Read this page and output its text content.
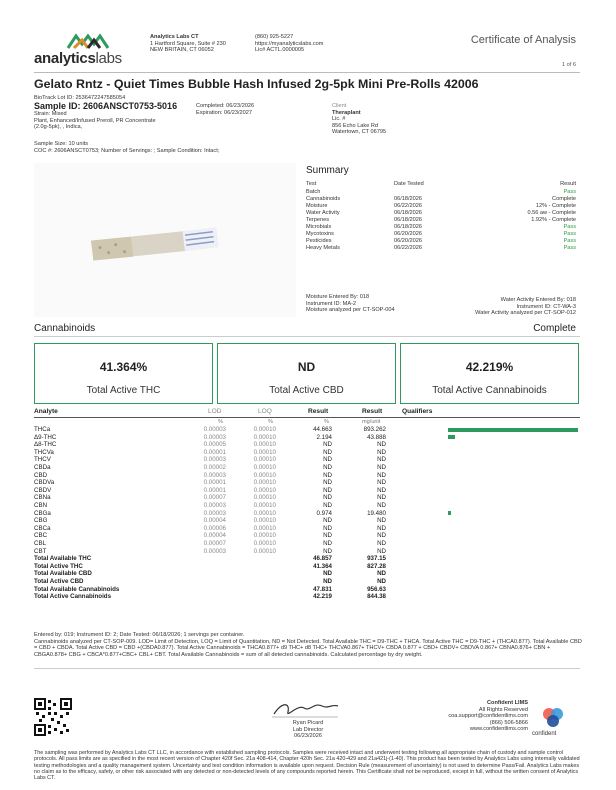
analyticslabs
Analytics Labs CT
1 Hartford Square, Suite # 230
NEW BRITAIN, CT 06052
(860) 925-5227
https://myanalyticslabs.com
Lic# ACTL.0000005
Certificate of Analysis
1 of 6
Gelato Rntz - Quiet Times Bubble Hash Infused 2g-5pk Mini Pre-Rolls 42006
BioTrack Lot ID: 2536472247585054
Sample ID: 2606ANSCT0753-5016	Completed: 06/23/2026
Expiration: 06/23/2027
Strain: Mixed
Plant, Enhanced/Infused Preroll, PR Concentrate
(2.0g-5pk), , Indica,
Client
Theraplant
Lic. #
856 Echo Lake Rd
Watertown, CT 06795
Sample Size: 10 units
COC #: 2606ANSCT0753; Number of Servings: ; Sample Condition: Intact;
Summary
Test	Date Tested	Result
Batch	Pass
Cannabinoids	06/18/2026	Complete
Moisture	06/22/2026	12% - Complete
Water Activity	06/18/2026	0.56 aw - Complete
Terpenes	06/18/2026	1.92% - Complete
Microbials	06/18/2026	Pass
Mycotoxins	06/20/2026	Pass
Pesticides	06/20/2026	Pass
Heavy Metals	06/22/2026	Pass
Moisture Entered By: 018
Instrument ID: MA-2
Moisture analyzed per CT-SOP-004
Water Activity Entered By: 018
Instrument ID: CT-WA-3
Water Activity analyzed per CT-SOP-012
Cannabinoids	Complete
41.364%
Total Active THC
ND
Total Active CBD
42.219%
Total Active Cannabinoids
Analyte	LOD	LOQ	Result	Result	Qualifiers
%	%	%	mg/unit
THCa	0.00003	0.00010	44.663	893.262
Δ9-THC	0.00003	0.00010	2.194	43.888
Δ8-THC	0.00005	0.00010	ND	ND
THCVa	0.00001	0.00010	ND	ND
THCV	0.00003	0.00010	ND	ND
CBDa	0.00002	0.00010	ND	ND
CBD	0.00003	0.00010	ND	ND
CBDVa	0.00001	0.00010	ND	ND
CBDV	0.00001	0.00010	ND	ND
CBNa	0.00007	0.00010	ND	ND
CBN	0.00003	0.00010	ND	ND
CBGa	0.00003	0.00010	0.974	19.480
CBG	0.00004	0.00010	ND	ND
CBCa	0.00006	0.00010	ND	ND
CBC	0.00004	0.00010	ND	ND
CBL	0.00007	0.00010	ND	ND
CBT	0.00003	0.00010	ND	ND
Total Available THC	46.857	937.15
Total Active THC	41.364	827.28
Total Available CBD	ND	ND
Total Active CBD	ND	ND
Total Available Cannabinoids	47.831	956.63
Total Active Cannabinoids	42.219	844.38
Entered by: 019; Instrument ID: 2; Date Tested: 06/18/2026; 1 servings per container.
Cannabinoids analyzed per CT-SOP-009. LOD= Limit of Detection, LOQ = Limit of Quantitation, ND = Not Detected. Total Available THC = D9-THC + THCA. Total Active THC = D9-THC + (THCA0.877). Total Available CBD = CBD + CBDA. Total Active CBD = CBD +(CBDA0.877). Total Active Cannabinoids = THCA0.877+ d9 THC+ d8 THC+ THCVA0.867+ THCV+ CBDA 0.877 + CBD+ CBDV+ CBDVA 0.867+ CBNA0.876+ CBN + CBGA0.878+ CBG + CBCA*0.877+CBC+ CBL+ CBT. Total Available Cannabinoids = sum of all detected cannabinoids. Calculated percentage by dry weight.
Ryan Picard
Lab Director
06/23/2026
Confident LIMS
All Rights Reserved
coa.support@confidentlims.com
(866) 506-5866
www.confidentlims.com
confident
The sampling was performed by Analytics Labs CT LLC, in accordance with established sampling protocols. Samples were received intact and underwent testing following all appropriate chain of custody and sample control protocols. All pass limits are as specified in the most recent version of Chapter 420f Sec. 21a 408-414, Chapter 420h Sec. 21a 420-429 and 21a421j-(1-40). This product has been tested by Analytics Labs using internally validated testing methodologies and a quality management system. Uncertainty and test condition information is available upon request. Decision Rule (measurement of uncertainty) is not used to determine Pass/Fail. Analytics Labs makes no claim as to the efficacy, safety, or other risk associated with any detected or non-detected levels of any compounds reported herein. This Certificate shall not be reproduced, except in full, without the written consent of Analytics Labs CT.
